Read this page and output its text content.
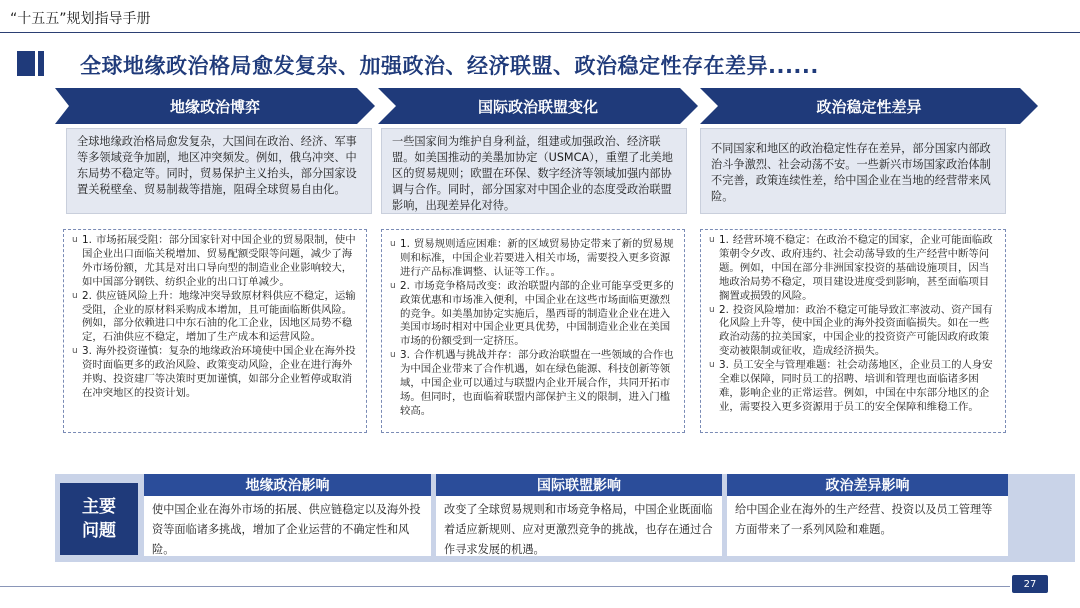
“十五五”规划指导手册
全球地缘政治格局愈发复杂、加强政治、经济联盟、政治稳定性存在差异......
地缘政治博弈	国际政治联盟变化	政治稳定性差异
全球地缘政治格局愈发复杂，大国间在政治、经济、军事等多领域竞争加剧，地区冲突频发。例如，俄乌冲突、中东局势不稳定等。同时，贸易保护主义抬头，部分国家设置关税壁垒、贸易制裁等措施，阻碍全球贸易自由化。
一些国家间为维护自身利益，组建或加强政治、经济联盟。如美国推动的美墨加协定（USMCA），重塑了北美地区的贸易规则；欧盟在环保、数字经济等领域加强内部协调与合作。同时，部分国家对中国企业的态度受政治联盟影响，出现差异化对待。
不同国家和地区的政治稳定性存在差异，部分国家内部政治斗争激烈、社会动荡不安。一些新兴市场国家政治体制不完善，政策连续性差，给中国企业在当地的经营带来风险。
u 1. 市场拓展受阻：部分国家针对中国企业的贸易限制，使中国企业出口面临关税增加、贸易配额受限等问题，减少了海外市场份额，尤其是对出口导向型的制造业企业影响较大，如中国部分钢铁、纺织企业的出口订单减少。
u 2. 供应链风险上升：地缘冲突导致原材料供应不稳定，运输受阻，企业的原材料采购成本增加，且可能面临断供风险。例如，部分依赖进口中东石油的化工企业，因地区局势不稳定，石油供应不稳定，增加了生产成本和运营风险。
u 3. 海外投资谨慎：复杂的地缘政治环境使中国企业在海外投资时面临更多的政治风险、政策变动风险，企业在进行海外并购、投资建厂等决策时更加谨慎，如部分企业暂停或取消在冲突地区的投资计划。
u 1. 贸易规则适应困难：新的区域贸易协定带来了新的贸易规则和标准，中国企业若要进入相关市场，需要投入更多资源进行产品标准调整、认证等工作。。
u 2. 市场竞争格局改变：政治联盟内部的企业可能享受更多的政策优惠和市场准入便利，中国企业在这些市场面临更激烈的竞争。如美墨加协定实施后，墨西哥的制造业企业在进入美国市场时相对中国企业更具优势，中国制造业企业在美国市场的份额受到一定挤压。
u 3. 合作机遇与挑战并存：部分政治联盟在一些领域的合作也为中国企业带来了合作机遇，如在绿色能源、科技创新等领域，中国企业可以通过与联盟内企业开展合作，共同开拓市场。但同时，也面临着联盟内部保护主义的限制，进入门槛较高。
u 1. 经营环境不稳定：在政治不稳定的国家，企业可能面临政策朝令夕改、政府违约、社会动荡导致的生产经营中断等问题。例如，中国在部分非洲国家投资的基础设施项目，因当地政治局势不稳定，项目建设进度受到影响，甚至面临项目搁置或损毁的风险。
u 2. 投资风险增加：政治不稳定可能导致汇率波动、资产国有化风险上升等，使中国企业的海外投资面临损失。如在一些政治动荡的拉美国家，中国企业的投资资产可能因政府政策变动被限制或征收，造成经济损失。
u 3. 员工安全与管理难题：社会动荡地区，企业员工的人身安全难以保障，同时员工的招聘、培训和管理也面临诸多困难，影响企业的正常运营。例如，中国在中东部分地区的企业，需要投入更多资源用于员工的安全保障和维稳工作。
主要
问题
地缘政治影响
使中国企业在海外市场的拓展、供应链稳定以及海外投资等面临诸多挑战，增加了企业运营的不确定性和风险。
国际联盟影响
改变了全球贸易规则和市场竞争格局，中国企业既面临着适应新规则、应对更激烈竞争的挑战，也存在通过合作寻求发展的机遇。
政治差异影响
给中国企业在海外的生产经营、投资以及员工管理等方面带来了一系列风险和难题。
27
